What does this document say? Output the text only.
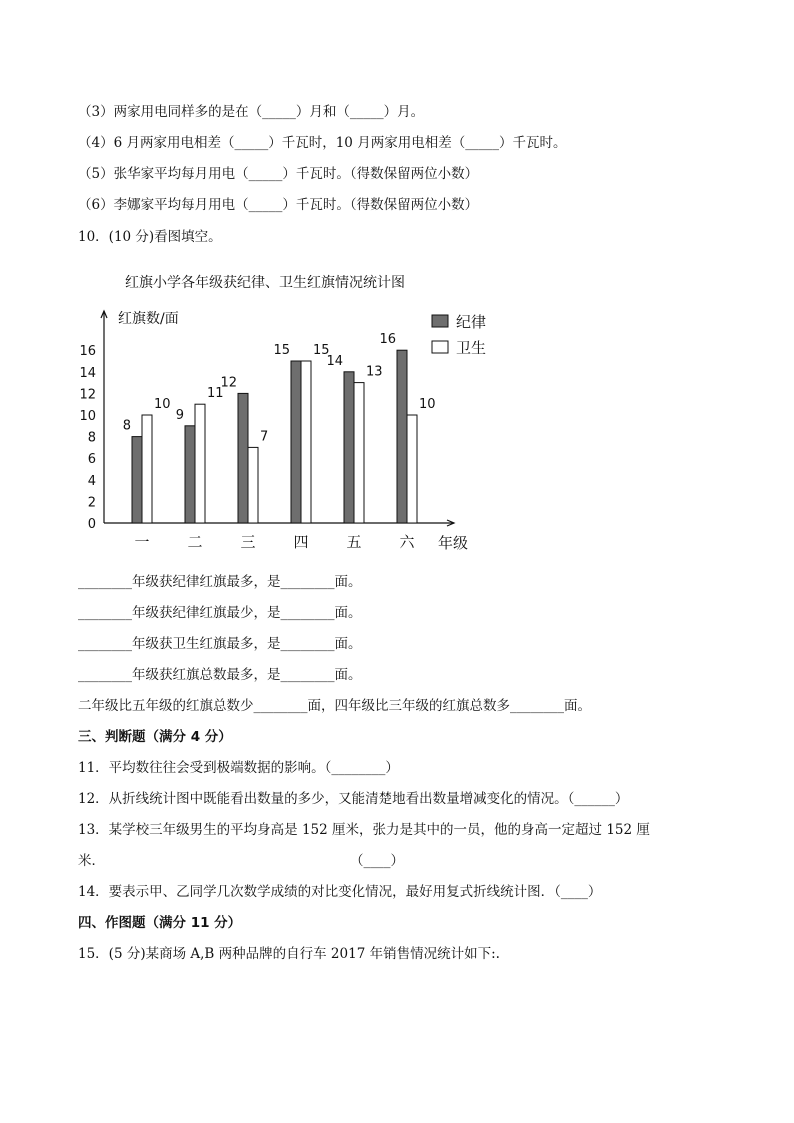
（3）两家用电同样多的是在（_____）月和（_____）月。
（4）6 月两家用电相差（_____）千瓦时，10 月两家用电相差（_____）千瓦时。
（5）张华家平均每月用电（_____）千瓦时。（得数保留两位小数）
（6）李娜家平均每月用电（_____）千瓦时。（得数保留两位小数）
10．(10 分)看图填空。
红旗小学各年级获纪律、卫生红旗情况统计图
红旗数/面
年级
0
2
4
6
8
10
12
14
16
8
10
一
9
11
二
12
7
三
15 15
四
14
13
五
16
10
六
纪律
卫生
________年级获纪律红旗最多，是________面。
________年级获纪律红旗最少，是________面。
________年级获卫生红旗最多，是________面。
________年级获红旗总数最多，是________面。
二年级比五年级的红旗总数少________面，四年级比三年级的红旗总数多________面。
三、判断题（满分 4 分）
11．平均数往往会受到极端数据的影响。（________）
12．从折线统计图中既能看出数量的多少，又能清楚地看出数量增减变化的情况。（______）
13．某学校三年级男生的平均身高是 152 厘米，张力是其中的一员，他的身高一定超过 152 厘
米．	（____）
14．要表示甲、乙同学几次数学成绩的对比变化情况，最好用复式折线统计图．（____）
四、作图题（满分 11 分）
15．(5 分)某商场 A,B 两种品牌的自行车 2017 年销售情况统计如下:.
